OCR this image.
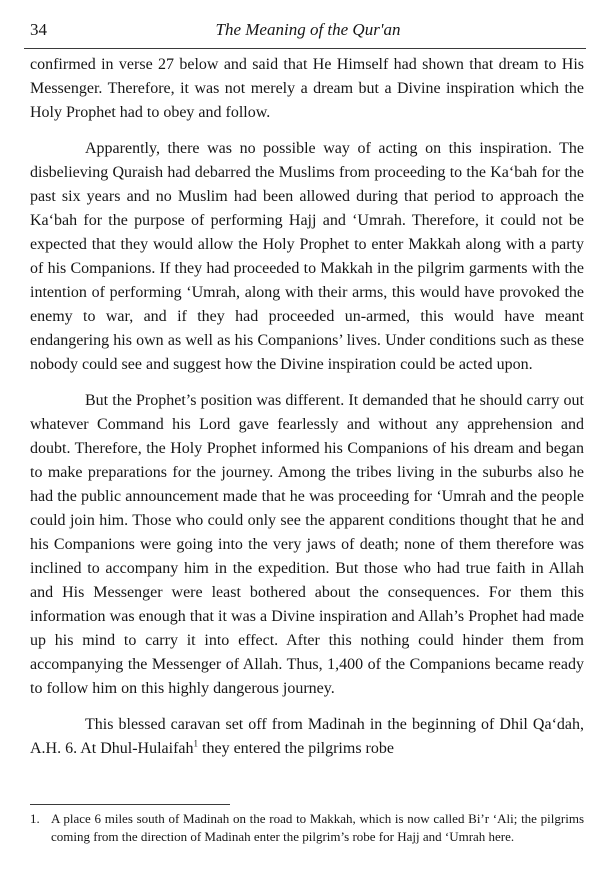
34	The Meaning of the Qur'an

confirmed in verse 27 below and said that He Himself had shown that dream to His Messenger. Therefore, it was not merely a dream but a Divine inspiration which the Holy Prophet had to obey and follow.

Apparently, there was no possible way of acting on this inspiration. The disbelieving Quraish had debarred the Muslims from proceeding to the Ka‘bah for the past six years and no Muslim had been allowed during that period to approach the Ka‘bah for the purpose of performing Hajj and ‘Umrah. Therefore, it could not be expected that they would allow the Holy Prophet to enter Makkah along with a party of his Companions. If they had proceeded to Makkah in the pilgrim garments with the intention of performing ‘Umrah, along with their arms, this would have provoked the enemy to war, and if they had proceeded un-armed, this would have meant endangering his own as well as his Companions’ lives. Under conditions such as these nobody could see and suggest how the Divine inspiration could be acted upon.

But the Prophet’s position was different. It demanded that he should carry out whatever Command his Lord gave fearlessly and without any apprehension and doubt. Therefore, the Holy Prophet informed his Companions of his dream and began to make preparations for the journey. Among the tribes living in the suburbs also he had the public announcement made that he was proceeding for ‘Umrah and the people could join him. Those who could only see the apparent conditions thought that he and his Companions were going into the very jaws of death; none of them therefore was inclined to accompany him in the expedition. But those who had true faith in Allah and His Messenger were least bothered about the consequences. For them this information was enough that it was a Divine inspiration and Allah’s Prophet had made up his mind to carry it into effect. After this nothing could hinder them from accompanying the Messenger of Allah. Thus, 1,400 of the Companions became ready to follow him on this highly dangerous journey.

This blessed caravan set off from Madinah in the beginning of Dhil Qa‘dah, A.H. 6. At Dhul-Hulaifah$^1$ they entered the pilgrims robe

1. A place 6 miles south of Madinah on the road to Makkah, which is now called Bi’r ‘Ali; the pilgrims coming from the direction of Madinah enter the pilgrim’s robe for Hajj and ‘Umrah here.
